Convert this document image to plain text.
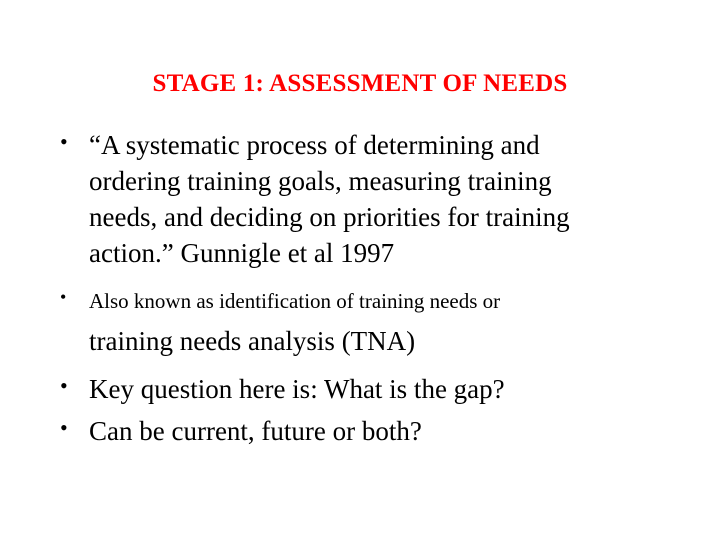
STAGE 1: ASSESSMENT OF NEEDS
• “A systematic process of determining and
ordering training goals, measuring training
needs, and deciding on priorities for training
action.” Gunnigle et al 1997
• Also known as identification of training needs or
training needs analysis (TNA)
• Key question here is: What is the gap?
• Can be current, future or both?
